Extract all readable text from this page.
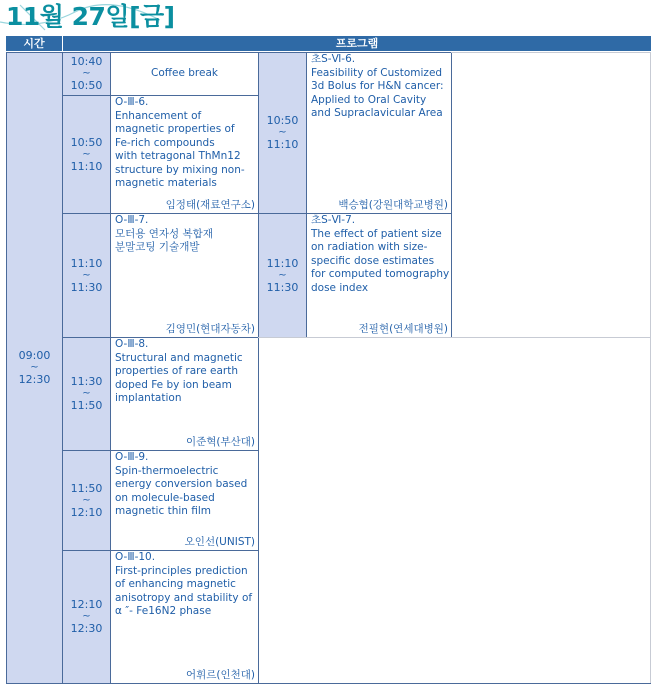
11월 27일[금]
시간	프로그램
09:00
~
12:30
10:40
~
10:50
10:50
~
11:10
11:10
~
11:30
11:30
~
11:50
11:50
~
12:10
12:10
~
12:30
Coffee break
O-Ⅲ-6.
Enhancement of
magnetic properties of
Fe-rich compounds
with tetragonal ThMn12
structure by mixing non-
magnetic materials
임정태(재료연구소)
O-Ⅲ-7.
모터용 연자성 복합재
분말코팅 기술개발
김영민(현대자동차)
O-Ⅲ-8.
Structural and magnetic
properties of rare earth
doped Fe by ion beam
implantation
이준혁(부산대)
O-Ⅲ-9.
Spin-thermoelectric
energy conversion based
on molecule-based
magnetic thin film
오인선(UNIST)
O-Ⅲ-10.
First-principles prediction
of enhancing magnetic
anisotropy and stability of
α ″- Fe16N2 phase
어휘르(인천대)
10:50
~
11:10
11:10
~
11:30
초S-Ⅵ-6.
Feasibility of Customized
3d Bolus for H&N cancer:
Applied to Oral Cavity
and Supraclavicular Area
백승협(강원대학교병원)
초S-Ⅵ-7.
The effect of patient size
on radiation with size-
specific dose estimates
for computed tomography
dose index
전필현(연세대병원)
